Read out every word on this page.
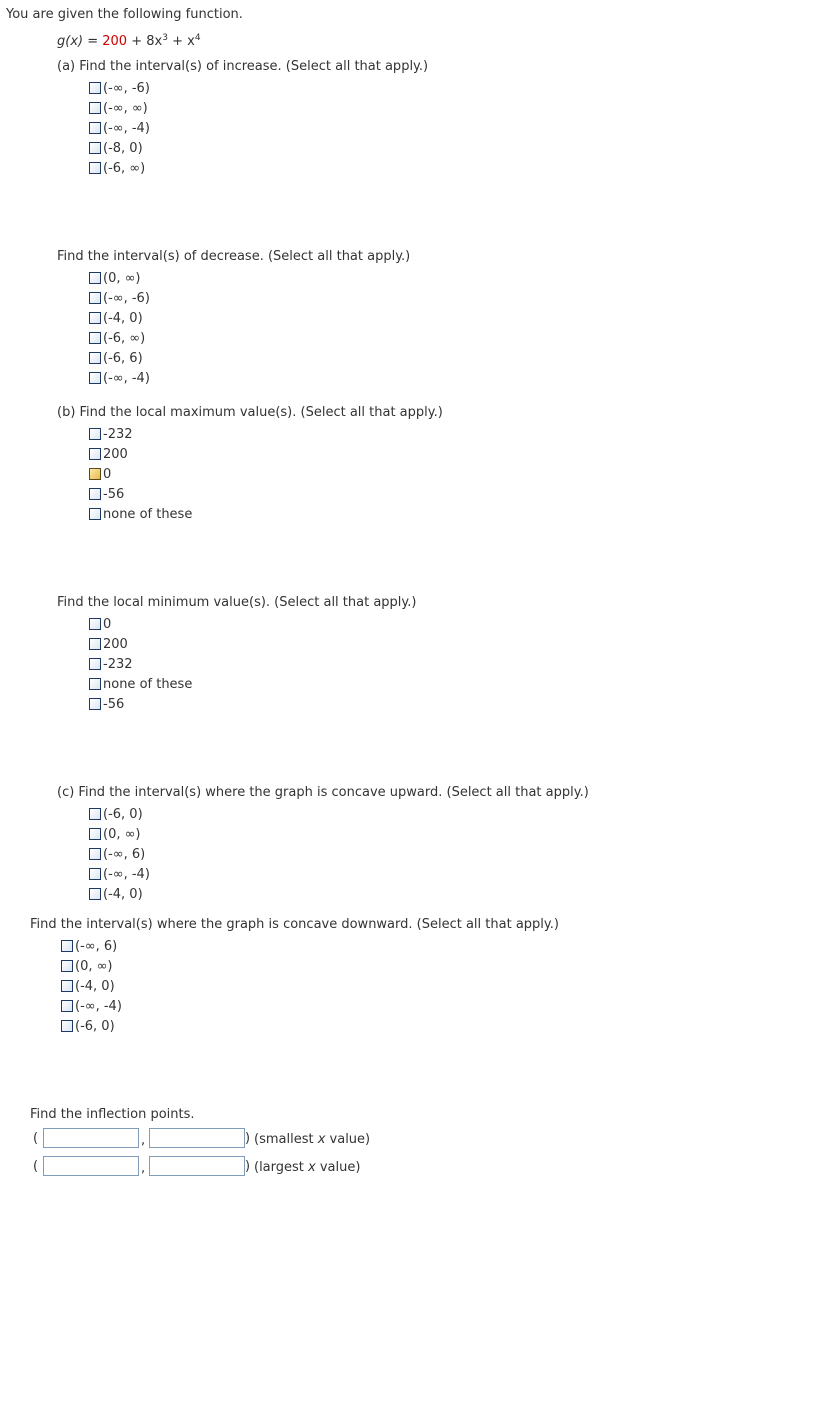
You are given the following function.
$g(x) = 200 + 8x^3 + x^4$
(a) Find the interval(s) of increase. (Select all that apply.)
(-∞, -6)
(-∞, ∞)
(-∞, -4)
(-8, 0)
(-6, ∞)
Find the interval(s) of decrease. (Select all that apply.)
(0, ∞)
(-∞, -6)
(-4, 0)
(-6, ∞)
(-6, 6)
(-∞, -4)
(b) Find the local maximum value(s). (Select all that apply.)
-232
200
0
-56
none of these
Find the local minimum value(s). (Select all that apply.)
0
200
-232
none of these
-56
(c) Find the interval(s) where the graph is concave upward. (Select all that apply.)
(-6, 0)
(0, ∞)
(-∞, 6)
(-∞, -4)
(-4, 0)
Find the interval(s) where the graph is concave downward. (Select all that apply.)
(-∞, 6)
(0, ∞)
(-4, 0)
(-∞, -4)
(-6, 0)
Find the inflection points.
(	,	) (smallest x value)
(	,	) (largest x value)
